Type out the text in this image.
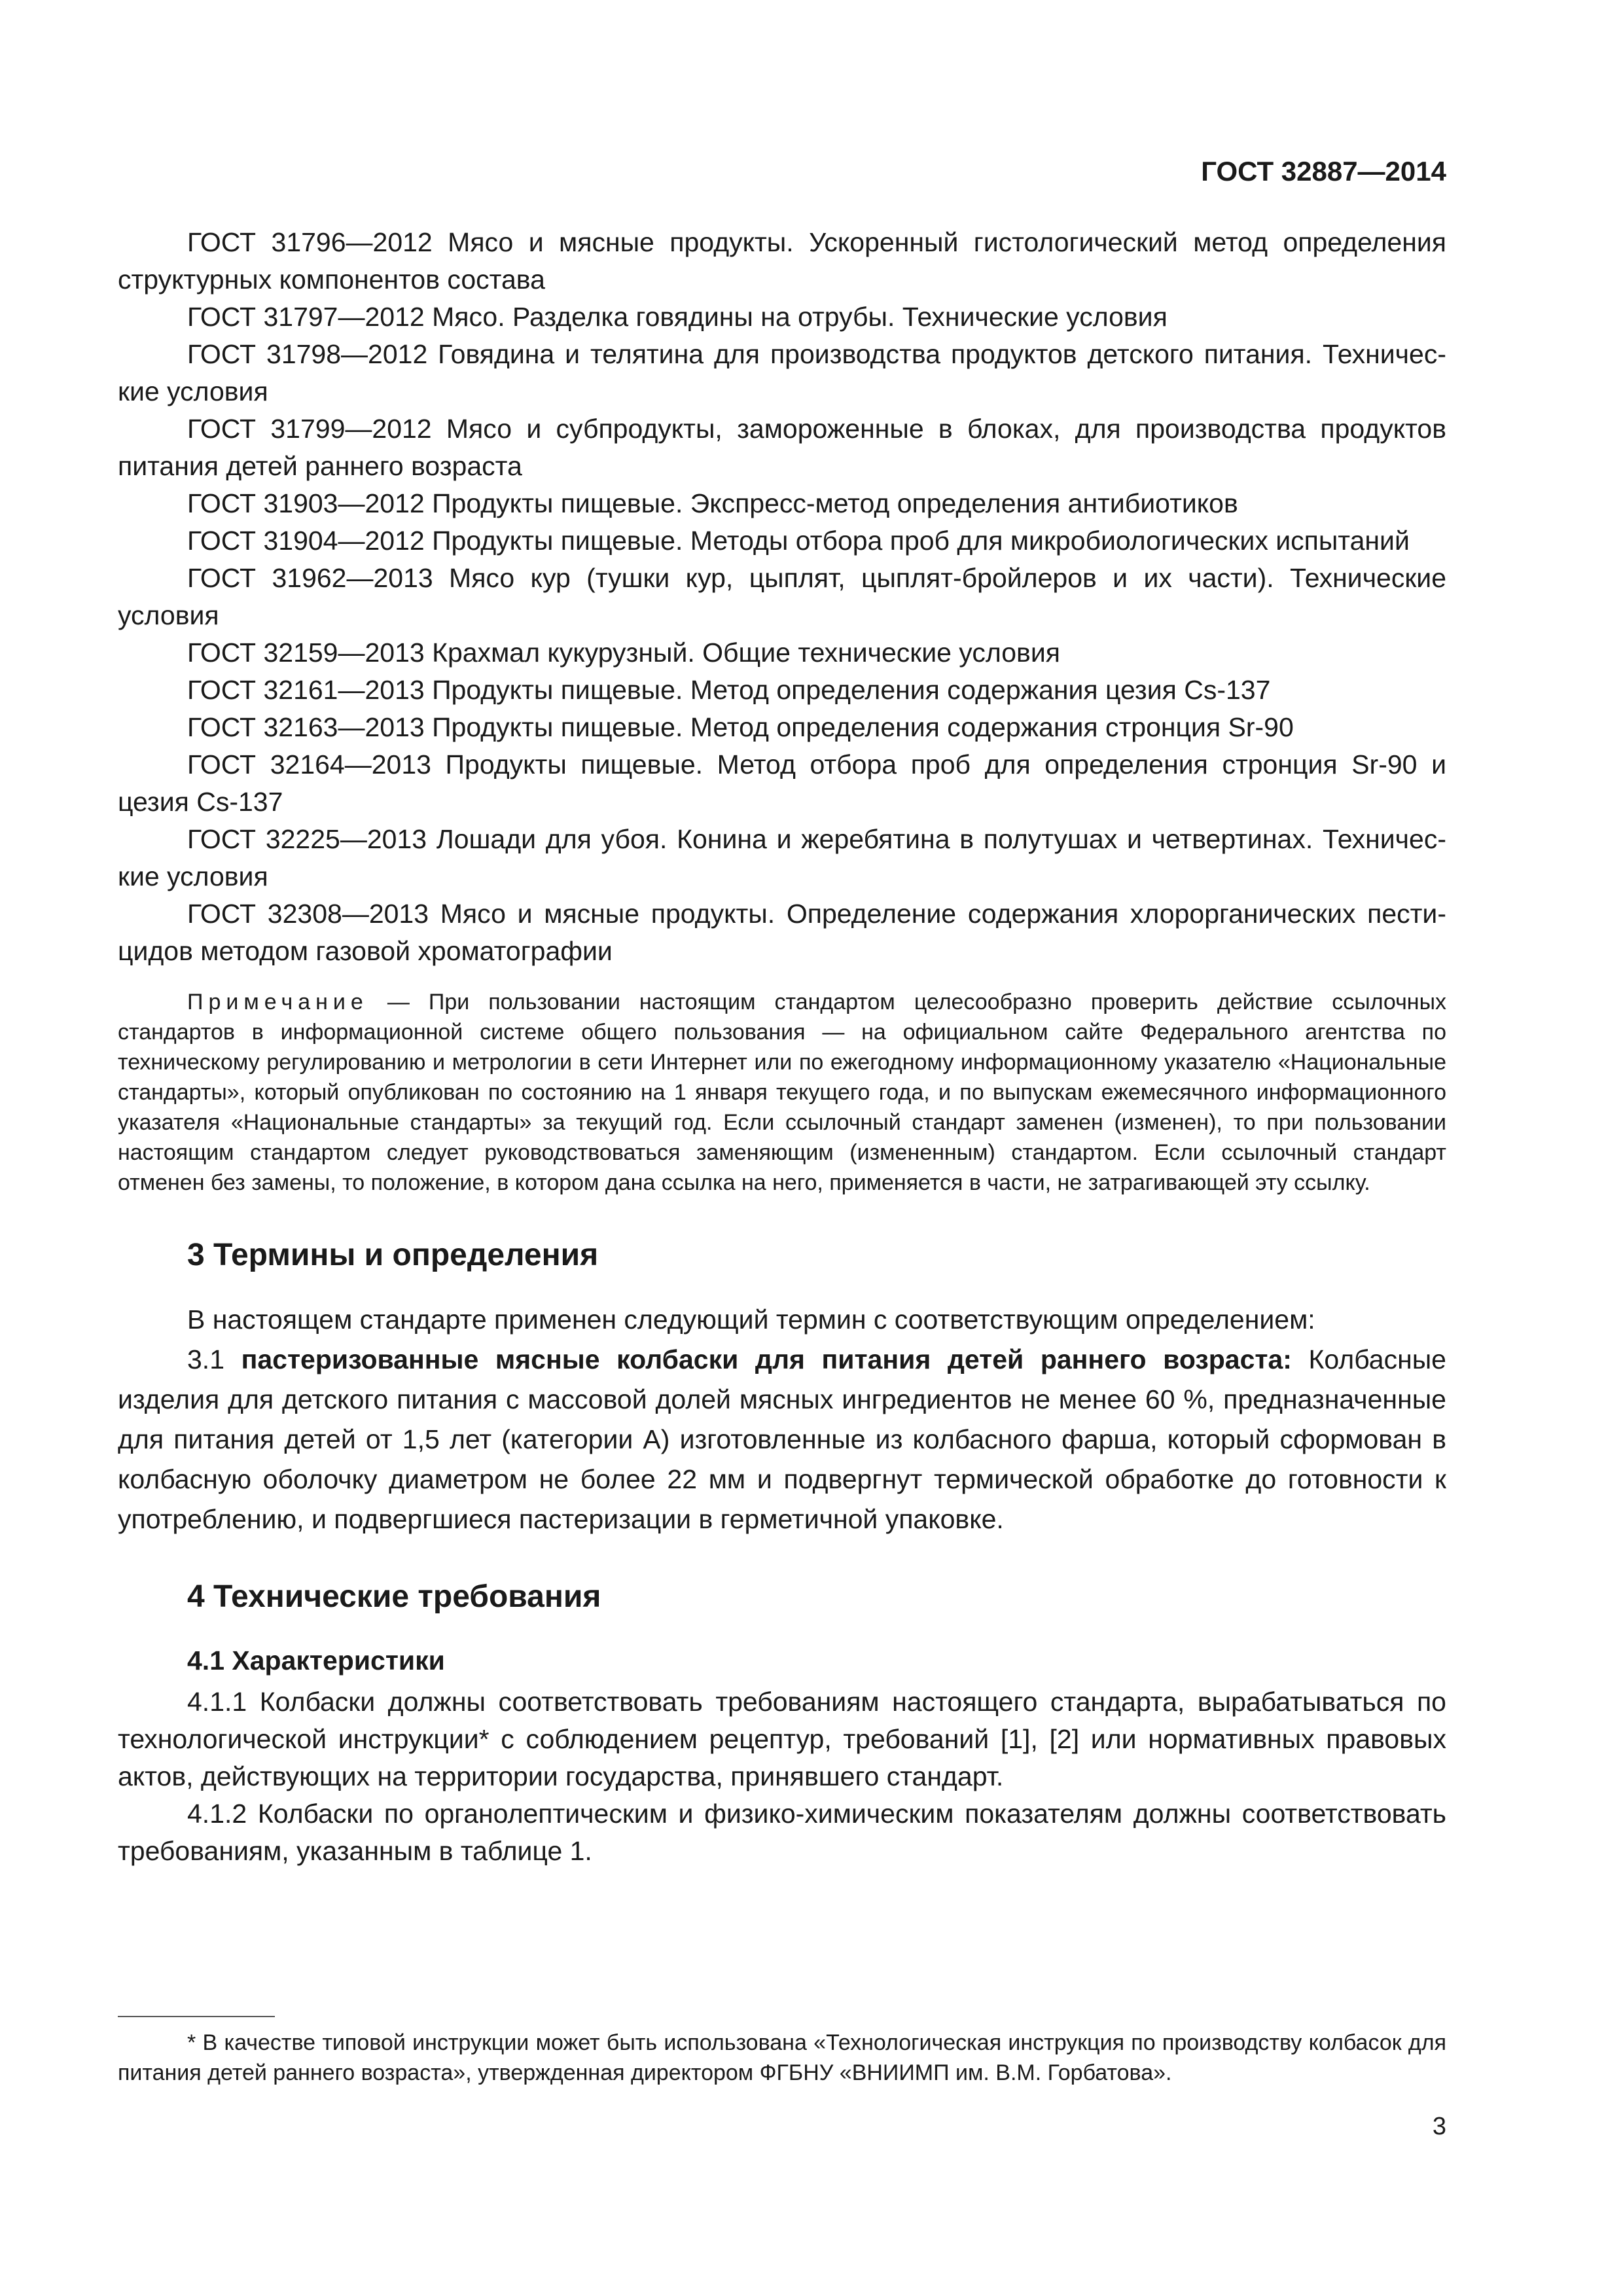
ГОСТ 32887—2014

ГОСТ 31796—2012 Мясо и мясные продукты. Ускоренный гистологический метод определения структурных компонентов состава

ГОСТ 31797—2012 Мясо. Разделка говядины на отрубы. Технические условия

ГОСТ 31798—2012 Говядина и телятина для производства продуктов детского питания. Технические условия

ГОСТ 31799—2012 Мясо и субпродукты, замороженные в блоках, для производства продуктов питания детей раннего возраста

ГОСТ 31903—2012 Продукты пищевые. Экспресс-метод определения антибиотиков

ГОСТ 31904—2012 Продукты пищевые. Методы отбора проб для микробиологических испытаний

ГОСТ 31962—2013 Мясо кур (тушки кур, цыплят, цыплят-бройлеров и их части). Технические условия

ГОСТ 32159—2013 Крахмал кукурузный. Общие технические условия

ГОСТ 32161—2013 Продукты пищевые. Метод определения содержания цезия Cs-137

ГОСТ 32163—2013 Продукты пищевые. Метод определения содержания стронция Sr-90

ГОСТ 32164—2013 Продукты пищевые. Метод отбора проб для определения стронция Sr-90 и цезия Cs-137

ГОСТ 32225—2013 Лошади для убоя. Конина и жеребятина в полутушах и четвертинах. Технические условия

ГОСТ 32308—2013 Мясо и мясные продукты. Определение содержания хлорорганических пестицидов методом газовой хроматографии

Примечание — При пользовании настоящим стандартом целесообразно проверить действие ссылочных стандартов в информационной системе общего пользования — на официальном сайте Федерального агентства по техническому регулированию и метрологии в сети Интернет или по ежегодному информационному указателю «Национальные стандарты», который опубликован по состоянию на 1 января текущего года, и по выпускам ежемесячного информационного указателя «Национальные стандарты» за текущий год. Если ссылочный стандарт заменен (изменен), то при пользовании настоящим стандартом следует руководствоваться заменяющим (измененным) стандартом. Если ссылочный стандарт отменен без замены, то положение, в котором дана ссылка на него, применяется в части, не затрагивающей эту ссылку.

3 Термины и определения

В настоящем стандарте применен следующий термин с соответствующим определением:

3.1 пастеризованные мясные колбаски для питания детей раннего возраста: Колбасные изделия для детского питания с массовой долей мясных ингредиентов не менее 60 %, предназначенные для питания детей от 1,5 лет (категории А) изготовленные из колбасного фарша, который сформован в колбасную оболочку диаметром не более 22 мм и подвергнут термической обработке до готовности к употреблению, и подвергшиеся пастеризации в герметичной упаковке.

4 Технические требования
4.1 Характеристики

4.1.1 Колбаски должны соответствовать требованиям настоящего стандарта, вырабатываться по технологической инструкции* с соблюдением рецептур, требований [1], [2] или нормативных правовых актов, действующих на территории государства, принявшего стандарт.

4.1.2 Колбаски по органолептическим и физико-химическим показателям должны соответствовать требованиям, указанным в таблице 1.

* В качестве типовой инструкции может быть использована «Технологическая инструкция по производству колбасок для питания детей раннего возраста», утвержденная директором ФГБНУ «ВНИИМП им. В.М. Горбатова».

3
